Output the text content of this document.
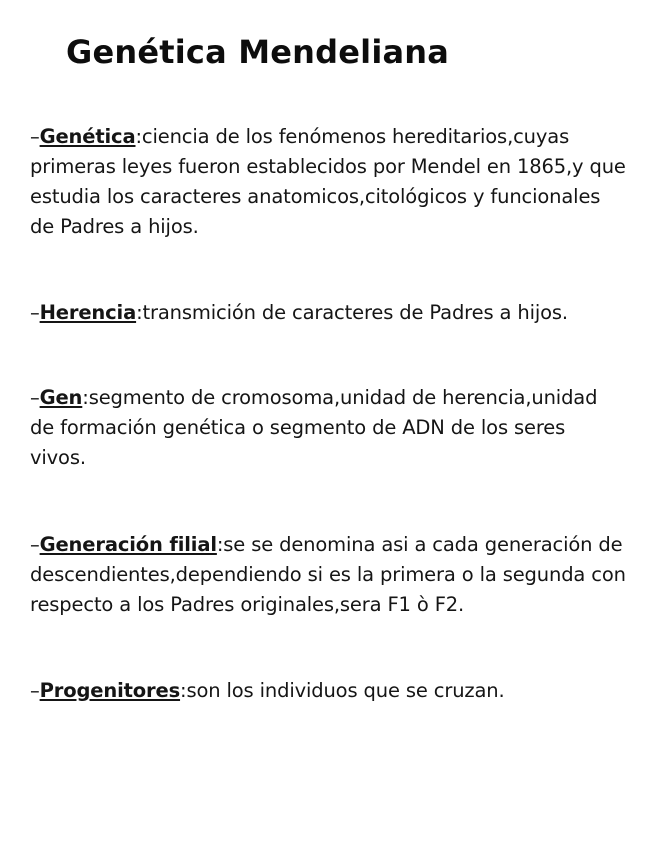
Genética Mendeliana

–Genética:ciencia de los fenómenos hereditarios,cuyas primeras leyes fueron establecidos por Mendel en 1865,y que estudia los caracteres anatomicos,citológicos y funcionales de Padres a hijos.

–Herencia:transmición de caracteres de Padres a hijos.

–Gen:segmento de cromosoma,unidad de herencia,unidad de formación genética o segmento de ADN de los seres vivos.

–Generación filial:se se denomina asi a cada generación de descendientes,dependiendo si es la primera o la segunda con respecto a los Padres originales,sera F1 ò F2.

–Progenitores:son los individuos que se cruzan.
